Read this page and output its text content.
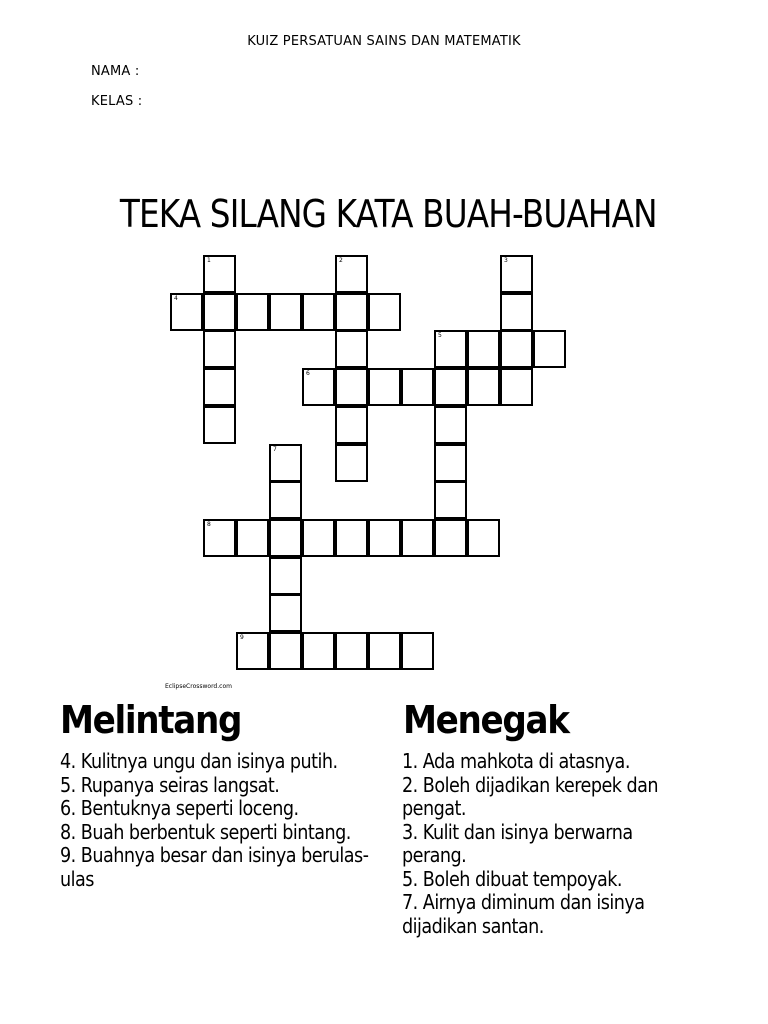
KUIZ PERSATUAN SAINS DAN MATEMATIK
NAMA :
KELAS :
TEKA SILANG KATA BUAH-BUAHAN
4
5
6
8
9
1	2	3
7
EclipseCrossword.com
Melintang
4. Kulitnya ungu dan isinya putih.
5. Rupanya seiras langsat.
6. Bentuknya seperti loceng.
8. Buah berbentuk seperti bintang.
9. Buahnya besar dan isinya berulas-ulas
Menegak
1. Ada mahkota di atasnya.
2. Boleh dijadikan kerepek dan pengat.
3. Kulit dan isinya berwarna perang.
5. Boleh dibuat tempoyak.
7. Airnya diminum dan isinya dijadikan santan.
